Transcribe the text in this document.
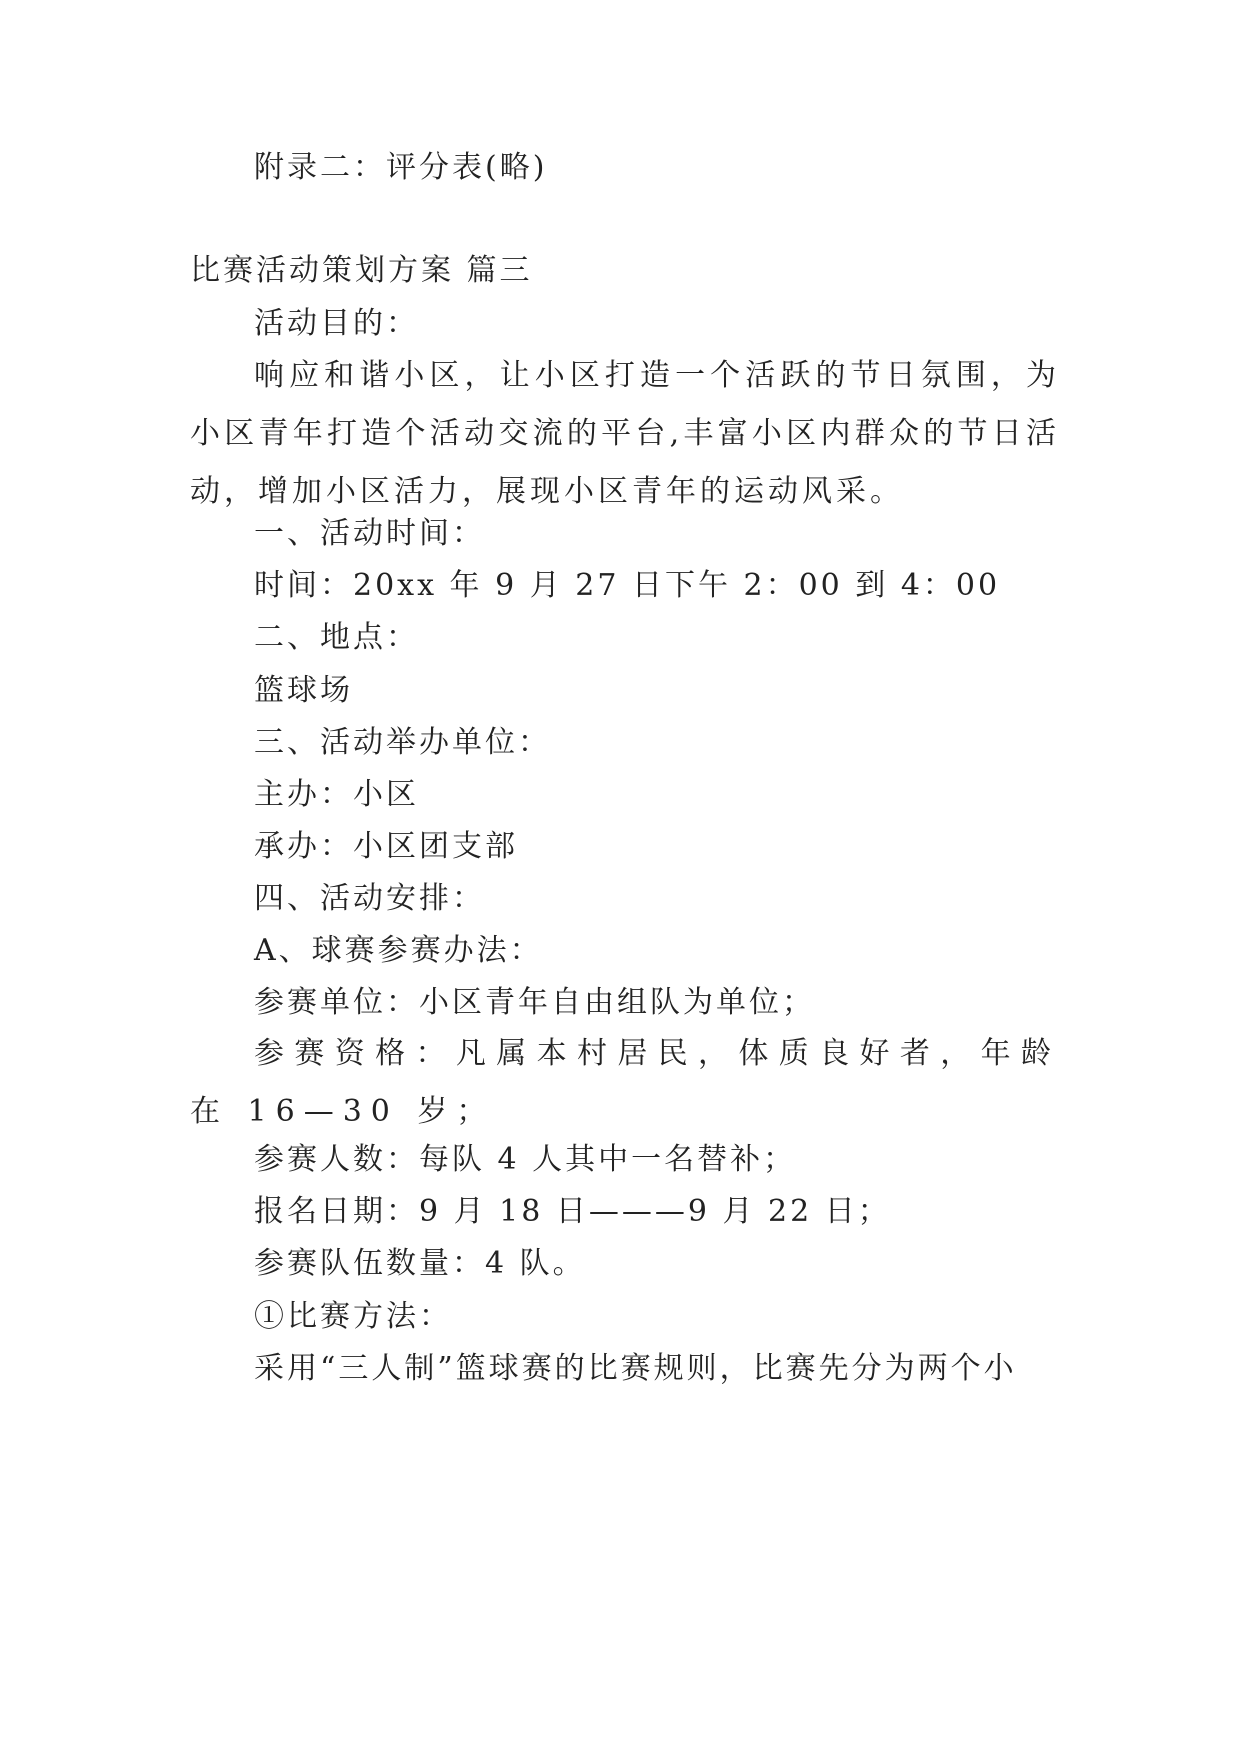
附录二：评分表(略)

比赛活动策划方案 篇三

活动目的：

响应和谐小区，让小区打造一个活跃的节日氛围，为小区青年打造个活动交流的平台,丰富小区内群众的节日活动，增加小区活力，展现小区青年的运动风采。

一、活动时间：

时间：20xx 年 9 月 27 日下午 2：00 到 4：00

二、地点：

篮球场

三、活动举办单位：

主办：小区

承办：小区团支部

四、活动安排：

A、球赛参赛办法：

参赛单位：小区青年自由组队为单位；

参赛资格：凡属本村居民，体质良好者，年龄在 16—30 岁；

参赛人数：每队 4 人其中一名替补；

报名日期：9 月 18 日———9 月 22 日；

参赛队伍数量：4 队。

①比赛方法：

采用“三人制”篮球赛的比赛规则，比赛先分为两个小
